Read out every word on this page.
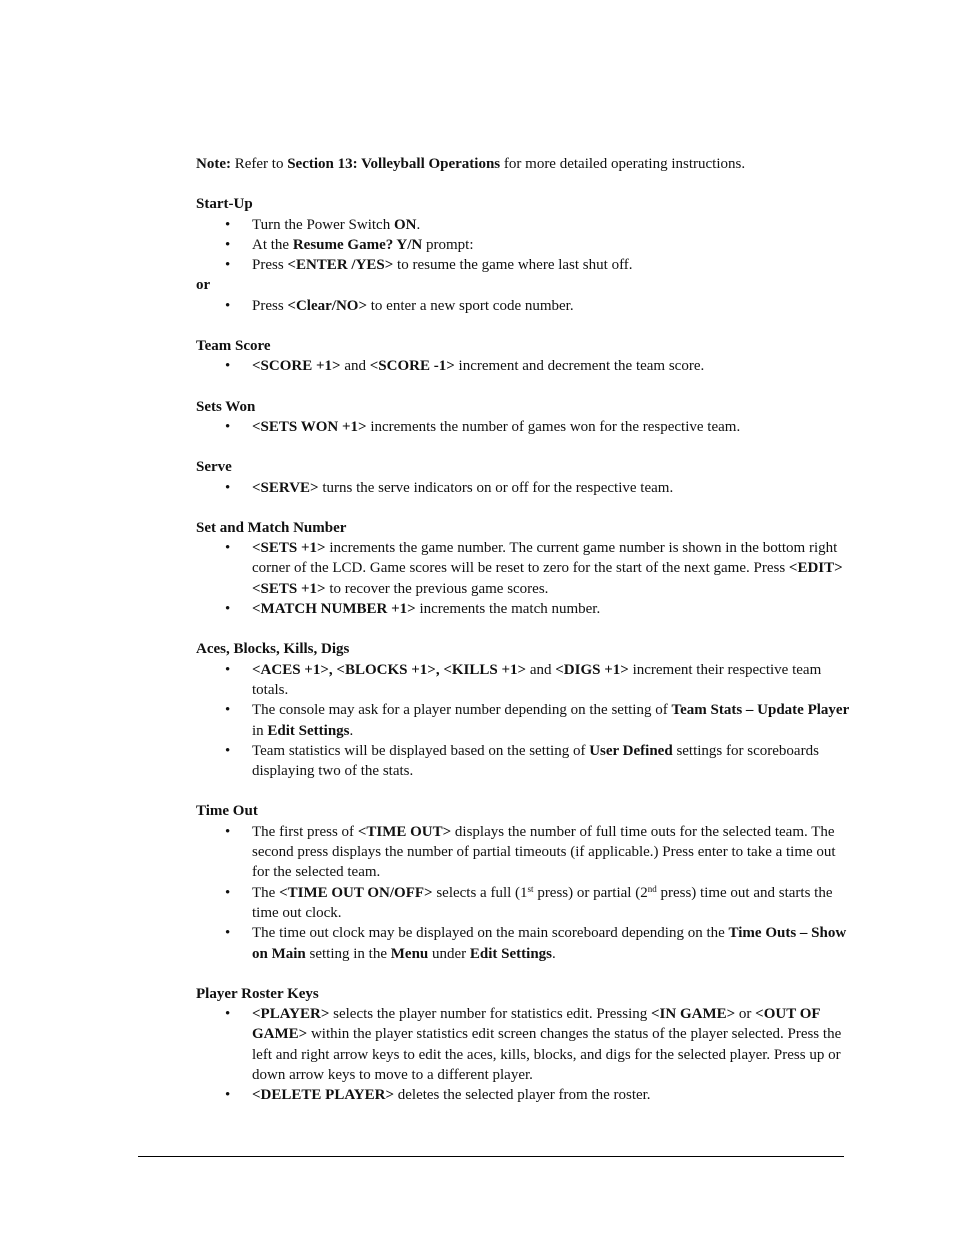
Note: Refer to Section 13: Volleyball Operations for more detailed operating instructions.

Start-Up

• Turn the Power Switch ON.
• At the Resume Game? Y/N prompt:
• Press <ENTER /YES> to resume the game where last shut off.

or

• Press <Clear/NO> to enter a new sport code number.

Team Score

• <SCORE +1> and <SCORE -1> increment and decrement the team score.

Sets Won

• <SETS WON +1> increments the number of games won for the respective team.

Serve

• <SERVE> turns the serve indicators on or off for the respective team.

Set and Match Number

• <SETS +1> increments the game number. The current game number is shown in the bottom right corner of the LCD. Game scores will be reset to zero for the start of the next game. Press <EDIT><SETS +1> to recover the previous game scores.
• <MATCH NUMBER +1> increments the match number.

Aces, Blocks, Kills, Digs

• <ACES +1>, <BLOCKS +1>, <KILLS +1> and <DIGS +1> increment their respective team totals.
• The console may ask for a player number depending on the setting of Team Stats – Update Player in Edit Settings.
• Team statistics will be displayed based on the setting of User Defined settings for scoreboards displaying two of the stats.

Time Out

• The first press of <TIME OUT> displays the number of full time outs for the selected team. The second press displays the number of partial timeouts (if applicable.) Press enter to take a time out for the selected team.
• The <TIME OUT ON/OFF> selects a full (1st press) or partial (2nd press) time out and starts the time out clock.
• The time out clock may be displayed on the main scoreboard depending on the Time Outs – Show on Main setting in the Menu under Edit Settings.

Player Roster Keys

• <PLAYER> selects the player number for statistics edit. Pressing <IN GAME> or <OUT OF GAME> within the player statistics edit screen changes the status of the player selected. Press the left and right arrow keys to edit the aces, kills, blocks, and digs for the selected player. Press up or down arrow keys to move to a different player.
• <DELETE PLAYER> deletes the selected player from the roster.
